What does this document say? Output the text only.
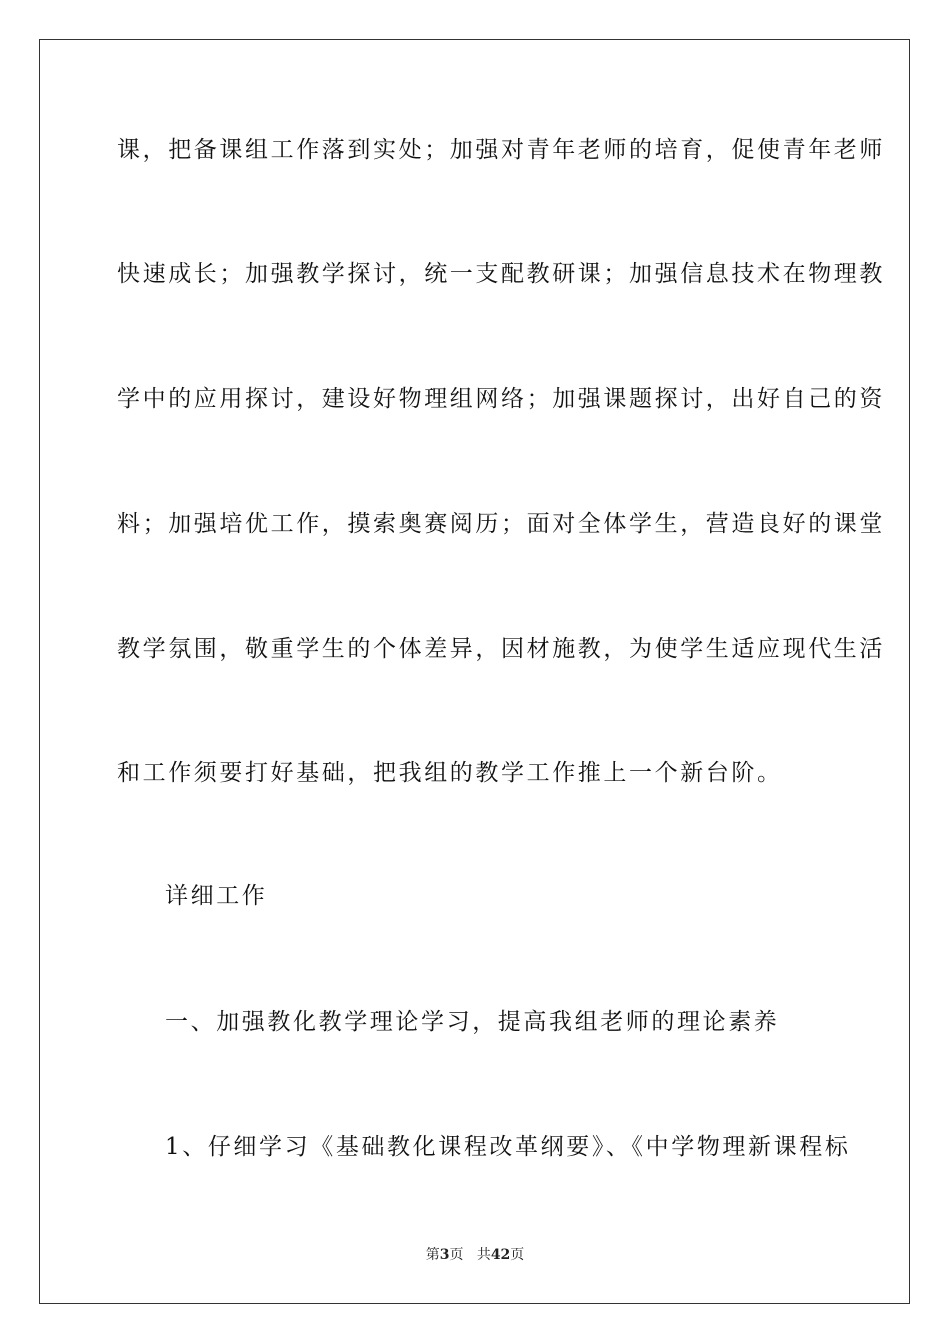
课，把备课组工作落到实处；加强对青年老师的培育，促使青年老师
快速成长；加强教学探讨，统一支配教研课；加强信息技术在物理教
学中的应用探讨，建设好物理组网络；加强课题探讨，出好自己的资
料；加强培优工作，摸索奥赛阅历；面对全体学生，营造良好的课堂
教学氛围，敬重学生的个体差异，因材施教，为使学生适应现代生活
和工作须要打好基础，把我组的教学工作推上一个新台阶。
详细工作
一、加强教化教学理论学习，提高我组老师的理论素养
1、仔细学习《基础教化课程改革纲要》、《中学物理新课程标
第3页 共42页
